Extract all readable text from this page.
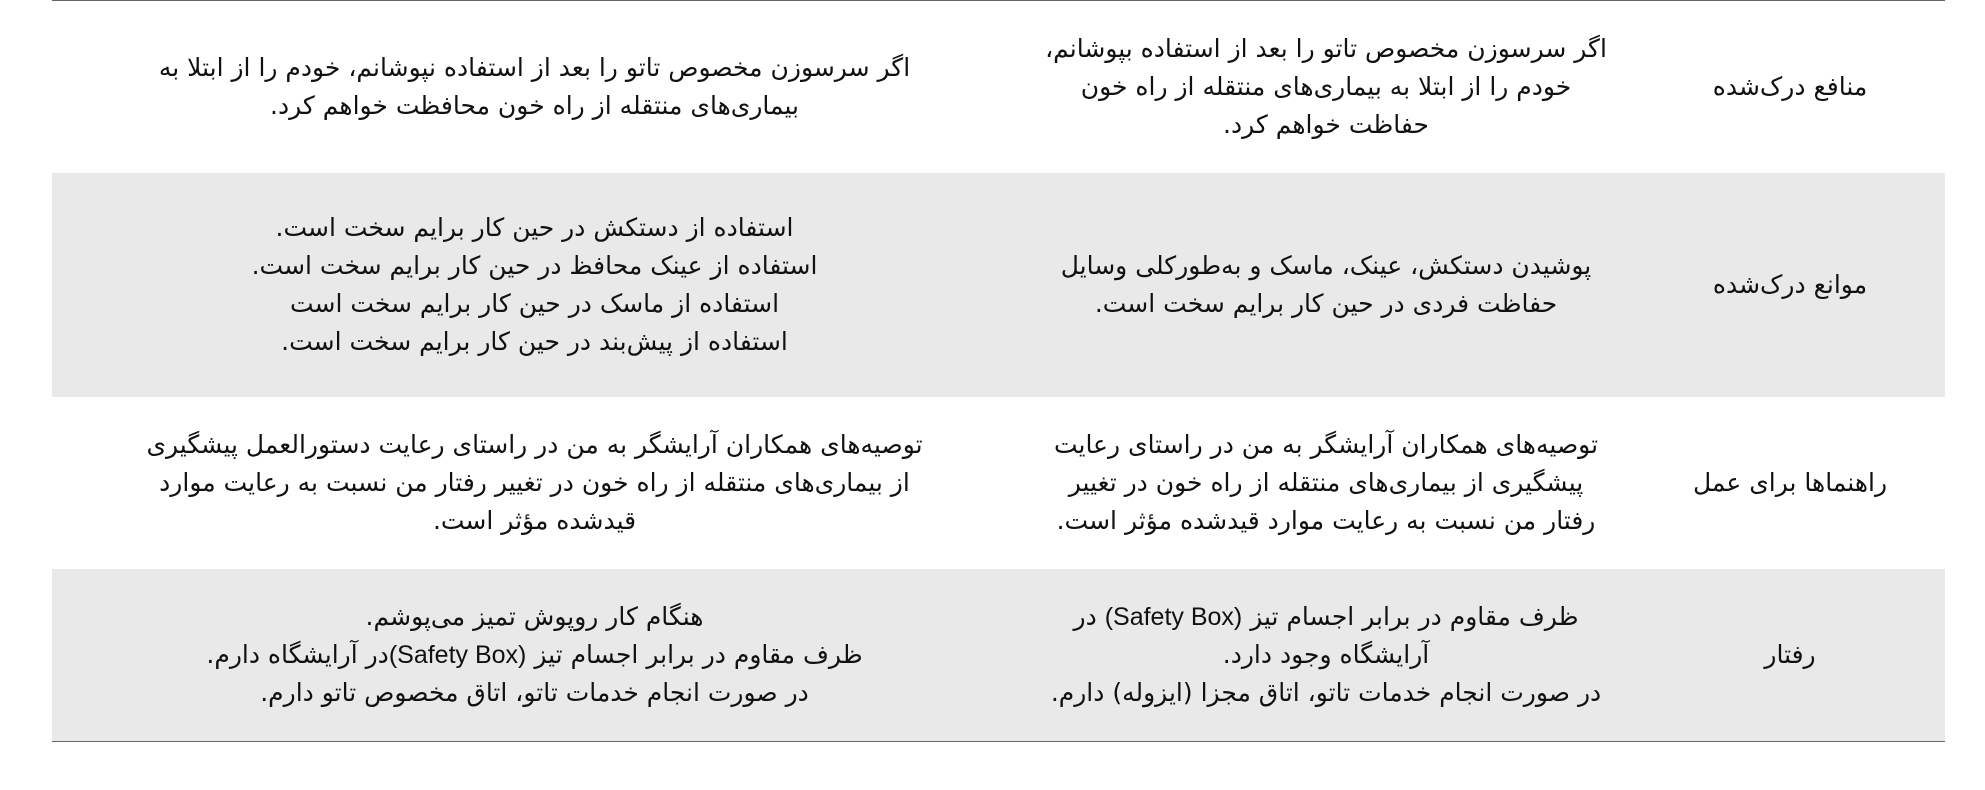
منافع درک‌شده
اگر سرسوزن مخصوص تاتو را بعد از استفاده بپوشانم،
خودم را از ابتلا به بیماری‌های منتقله از راه خون
حفاظت خواهم کرد.
اگر سرسوزن مخصوص تاتو را بعد از استفاده نپوشانم، خودم را از ابتلا به
بیماری‌های منتقله از راه خون محافظت خواهم کرد.
موانع درک‌شده
پوشیدن دستکش، عینک، ماسک و به‌طورکلی وسایل
حفاظت فردی در حین کار برایم سخت است.
استفاده از دستکش در حین کار برایم سخت است.
استفاده از عینک محافظ در حین کار برایم سخت است.
استفاده از ماسک در حین کار برایم سخت است
استفاده از پیش‌بند در حین کار برایم سخت است.
راهنماها برای عمل
توصیه‌های همکاران آرایشگر به من در راستای رعایت
پیشگیری از بیماری‌های منتقله از راه خون در تغییر
رفتار من نسبت به رعایت موارد قیدشده مؤثر است.
توصیه‌های همکاران آرایشگر به من در راستای رعایت دستورالعمل پیشگیری
از بیماری‌های منتقله از راه خون در تغییر رفتار من نسبت به رعایت موارد
قیدشده مؤثر است.
رفتار
ظرف مقاوم در برابر اجسام تیز (Safety Box) در
آرایشگاه وجود دارد.
در صورت انجام خدمات تاتو، اتاق مجزا (ایزوله) دارم.
هنگام کار روپوش تمیز می‌پوشم.
ظرف مقاوم در برابر اجسام تیز (Safety Box)در آرایشگاه دارم.
در صورت انجام خدمات تاتو، اتاق مخصوص تاتو دارم.
